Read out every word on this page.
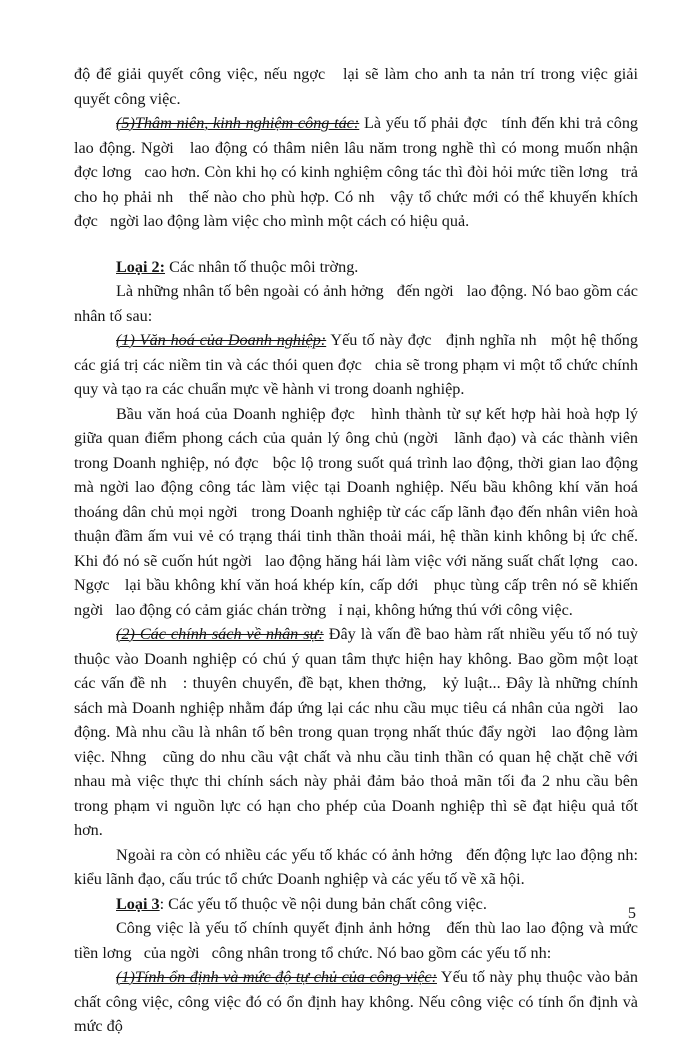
độ để giải quyết công việc, nếu ngợc   lại sẽ làm cho anh ta nản trí trong việc giải quyết công việc.

(5)Thâm niên, kinh nghiệm công tác: Là yếu tố phải đợc   tính đến khi trả công lao động. Ngời   lao động có thâm niên lâu năm trong nghề thì có mong muốn nhận đợc lơng   cao hơn. Còn khi họ có kinh nghiệm công tác thì đòi hỏi mức tiền lơng   trả cho họ phải nh   thế nào cho phù hợp. Có nh   vậy tổ chức mới có thể khuyến khích đợc   ngời lao động làm việc cho mình một cách có hiệu quả.

Loại 2: Các nhân tố thuộc môi trờng.

Là những nhân tố bên ngoài có ảnh hởng   đến ngời   lao động. Nó bao gồm các nhân tố sau:

(1) Văn hoá của Doanh nghiệp: Yếu tố này đợc   định nghĩa nh   một hệ thống các giá trị các niềm tin và các thói quen đợc   chia sẽ trong phạm vi một tổ chức chính quy và tạo ra các chuẩn mực về hành vi trong doanh nghiệp.

Bầu văn hoá của Doanh nghiệp đợc   hình thành từ sự kết hợp hài hoà hợp lý giữa quan điểm phong cách của quản lý ông chủ (ngời   lãnh đạo) và các thành viên trong Doanh nghiệp, nó đợc   bộc lộ trong suốt quá trình lao động, thời gian lao động mà ngời lao động công tác làm việc tại Doanh nghiệp. Nếu bầu không khí văn hoá thoáng dân chủ mọi ngời   trong Doanh nghiệp từ các cấp lãnh đạo đến nhân viên hoà thuận đầm ấm vui vẻ có trạng thái tinh thần thoải mái, hệ thần kinh không bị ức chế. Khi đó nó sẽ cuốn hút ngời   lao động hăng hái làm việc với năng suất chất lợng   cao. Ngợc   lại bầu không khí văn hoá khép kín, cấp dới   phục tùng cấp trên nó sẽ khiến ngời   lao động có cảm giác chán trờng   ỉ nại, không hứng thú với công việc.

(2) Các chính sách về nhân sự: Đây là vấn đề bao hàm rất nhiều yếu tố nó tuỳ thuộc vào Doanh nghiệp có chú ý quan tâm thực hiện hay không. Bao gồm một loạt các vấn đề nh   : thuyên chuyển, đề bạt, khen thởng,   kỷ luật... Đây là những chính sách mà Doanh nghiệp nhằm đáp ứng lại các nhu cầu mục tiêu cá nhân của ngời   lao động. Mà nhu cầu là nhân tố bên trong quan trọng nhất thúc đẩy ngời   lao động làm việc. Nhng   cũng do nhu cầu vật chất và nhu cầu tinh thần có quan hệ chặt chẽ với nhau mà việc thực thi chính sách này phải đảm bảo thoả mãn tối đa 2 nhu cầu bên trong phạm vi nguồn lực có hạn cho phép của Doanh nghiệp thì sẽ đạt hiệu quả tốt hơn.

Ngoài ra còn có nhiều các yếu tố khác có ảnh hởng   đến động lực lao động nh: kiểu lãnh đạo, cấu trúc tổ chức Doanh nghiệp và các yếu tố về xã hội.

Loại 3: Các yếu tố thuộc về nội dung bản chất công việc.

Công việc là yếu tố chính quyết định ảnh hởng   đến thù lao lao động và mức tiền lơng   của ngời   công nhân trong tổ chức. Nó bao gồm các yếu tố nh:

(1)Tính ổn định và mức độ tự chủ của công việc: Yếu tố này phụ thuộc vào bản chất công việc, công việc đó có ổn định hay không. Nếu công việc có tính ổn định và mức độ

5
